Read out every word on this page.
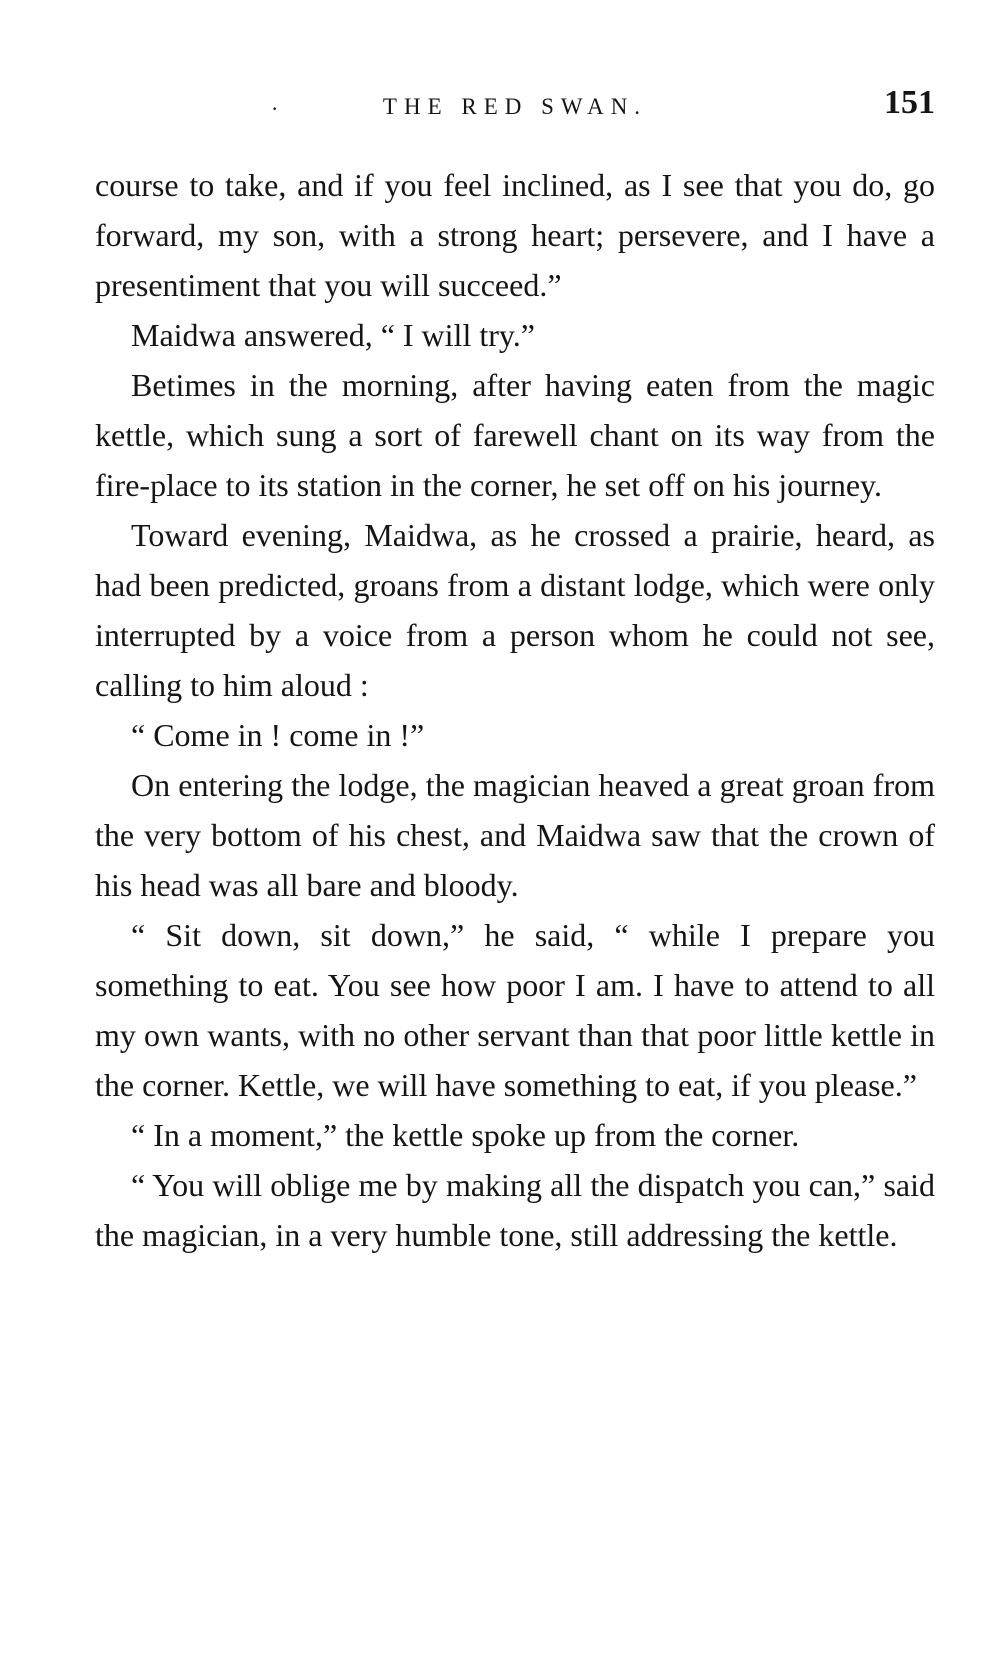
·	THE RED SWAN.	151

course to take, and if you feel inclined, as I see that you do, go forward, my son, with a strong heart; persevere, and I have a presentiment that you will succeed.”

Maidwa answered, “ I will try.”

Betimes in the morning, after having eaten from the magic kettle, which sung a sort of farewell chant on its way from the fire-place to its station in the corner, he set off on his journey.

Toward evening, Maidwa, as he crossed a prairie, heard, as had been predicted, groans from a distant lodge, which were only interrupted by a voice from a person whom he could not see, calling to him aloud :

“ Come in ! come in !”

On entering the lodge, the magician heaved a great groan from the very bottom of his chest, and Maidwa saw that the crown of his head was all bare and bloody.

“ Sit down, sit down,” he said, “ while I prepare you something to eat. You see how poor I am. I have to attend to all my own wants, with no other servant than that poor little kettle in the corner. Kettle, we will have something to eat, if you please.”

“ In a moment,” the kettle spoke up from the corner.

“ You will oblige me by making all the dispatch you can,” said the magician, in a very humble tone, still addressing the kettle.
